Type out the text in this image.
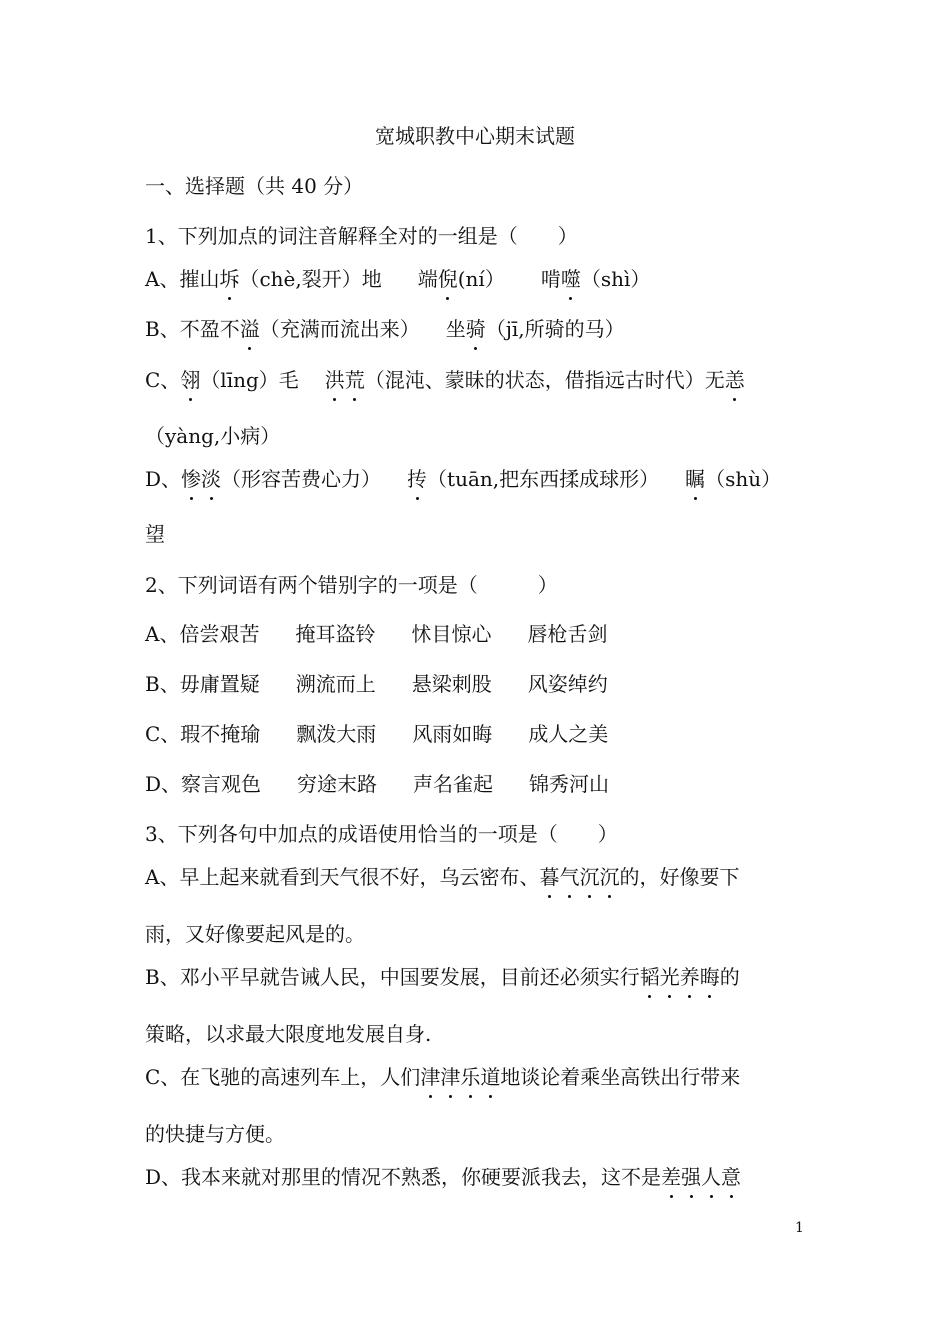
宽城职教中心期末试题
一、选择题（共 40 分）
1、下列加点的词注音解释全对的一组是（　　）
A、摧山坼（chè,裂开）地 端倪(ní） 啃噬（shì）
B、不盈不溢（充满而流出来） 坐骑（jī,所骑的马）
C、翎（līng）毛 洪荒（混沌、蒙昧的状态，借指远古时代）无恙
（yàng,小病）
D、惨淡（形容苦费心力） 抟（tuān,把东西揉成球形） 瞩（shù）
望
2、下列词语有两个错别字的一项是（　　　）
A、倍尝艰苦 掩耳盗铃 怵目惊心 唇枪舌剑
B、毋庸置疑 溯流而上 悬梁刺股 风姿绰约
C、瑕不掩瑜 飘泼大雨 风雨如晦 成人之美
D、察言观色 穷途末路 声名雀起 锦秀河山
3、下列各句中加点的成语使用恰当的一项是（　　）
A、早上起来就看到天气很不好，乌云密布、暮气沉沉的，好像要下
雨，又好像要起风是的。
B、邓小平早就告诫人民，中国要发展，目前还必须实行韬光养晦的
策略，以求最大限度地发展自身.
C、在飞驰的高速列车上，人们津津乐道地谈论着乘坐高铁出行带来
的快捷与方便。
D、我本来就对那里的情况不熟悉，你硬要派我去，这不是差强人意
1
